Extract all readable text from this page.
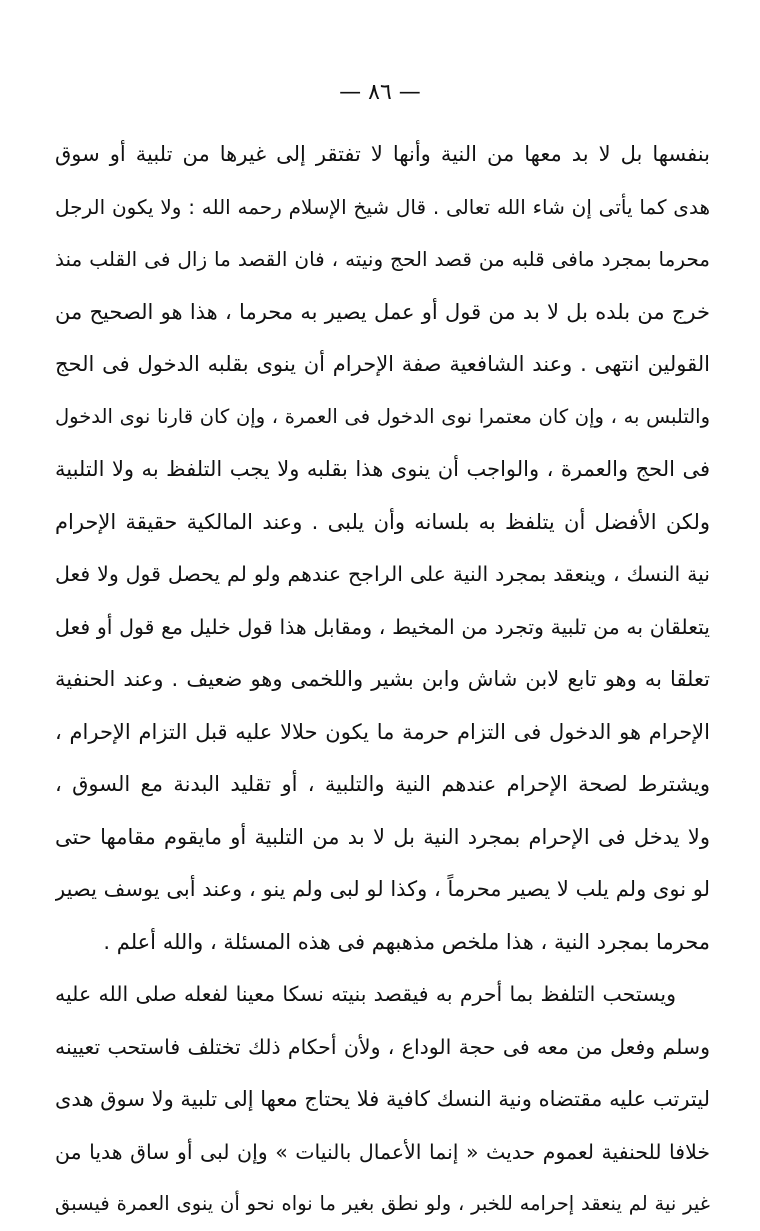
— ٨٦ —
بنفسها بل لا بد معها من النية وأنها لا تفتقر إلى غيرها من تلبية أو سوق
هدى كما يأتى إن شاء الله تعالى . قال شيخ الإسلام رحمه الله : ولا يكون الرجل
محرما بمجرد مافى قلبه من قصد الحج ونيته ، فان القصد ما زال فى القلب منذ
خرج من بلده بل لا بد من قول أو عمل يصير به محرما ، هذا هو الصحيح من
القولين انتهى . وعند الشافعية صفة الإحرام أن ينوى بقلبه الدخول فى الحج
والتلبس به ، وإن كان معتمرا نوى الدخول فى العمرة ، وإن كان قارنا نوى الدخول
فى الحج والعمرة ، والواجب أن ينوى هذا بقلبه ولا يجب التلفظ به ولا التلبية
ولكن الأفضل أن يتلفظ به بلسانه وأن يلبى . وعند المالكية حقيقة الإحرام
نية النسك ، وينعقد بمجرد النية على الراجح عندهم ولو لم يحصل قول ولا فعل
يتعلقان به من تلبية وتجرد من المخيط ، ومقابل هذا قول خليل مع قول أو فعل
تعلقا به وهو تابع لابن شاش وابن بشير واللخمى وهو ضعيف . وعند الحنفية
الإحرام هو الدخول فى التزام حرمة ما يكون حلالا عليه قبل التزام الإحرام ،
ويشترط لصحة الإحرام عندهم النية والتلبية ، أو تقليد البدنة مع السوق ،
ولا يدخل فى الإحرام بمجرد النية بل لا بد من التلبية أو مايقوم مقامها حتى
لو نوى ولم يلب لا يصير محرماً ، وكذا لو لبى ولم ينو ، وعند أبى يوسف يصير
محرما بمجرد النية ، هذا ملخص مذهبهم فى هذه المسئلة ، والله أعلم .
ويستحب التلفظ بما أحرم به فيقصد بنيته نسكا معينا لفعله صلى الله عليه
وسلم وفعل من معه فى حجة الوداع ، ولأن أحكام ذلك تختلف فاستحب تعيينه
ليترتب عليه مقتضاه ونية النسك كافية فلا يحتاج معها إلى تلبية ولا سوق هدى
خلافا للحنفية لعموم حديث « إنما الأعمال بالنيات » وإن لبى أو ساق هديا من
غير نية لم ينعقد إحرامه للخبر ، ولو نطق بغير ما نواه نحو أن ينوى العمرة فيسبق
